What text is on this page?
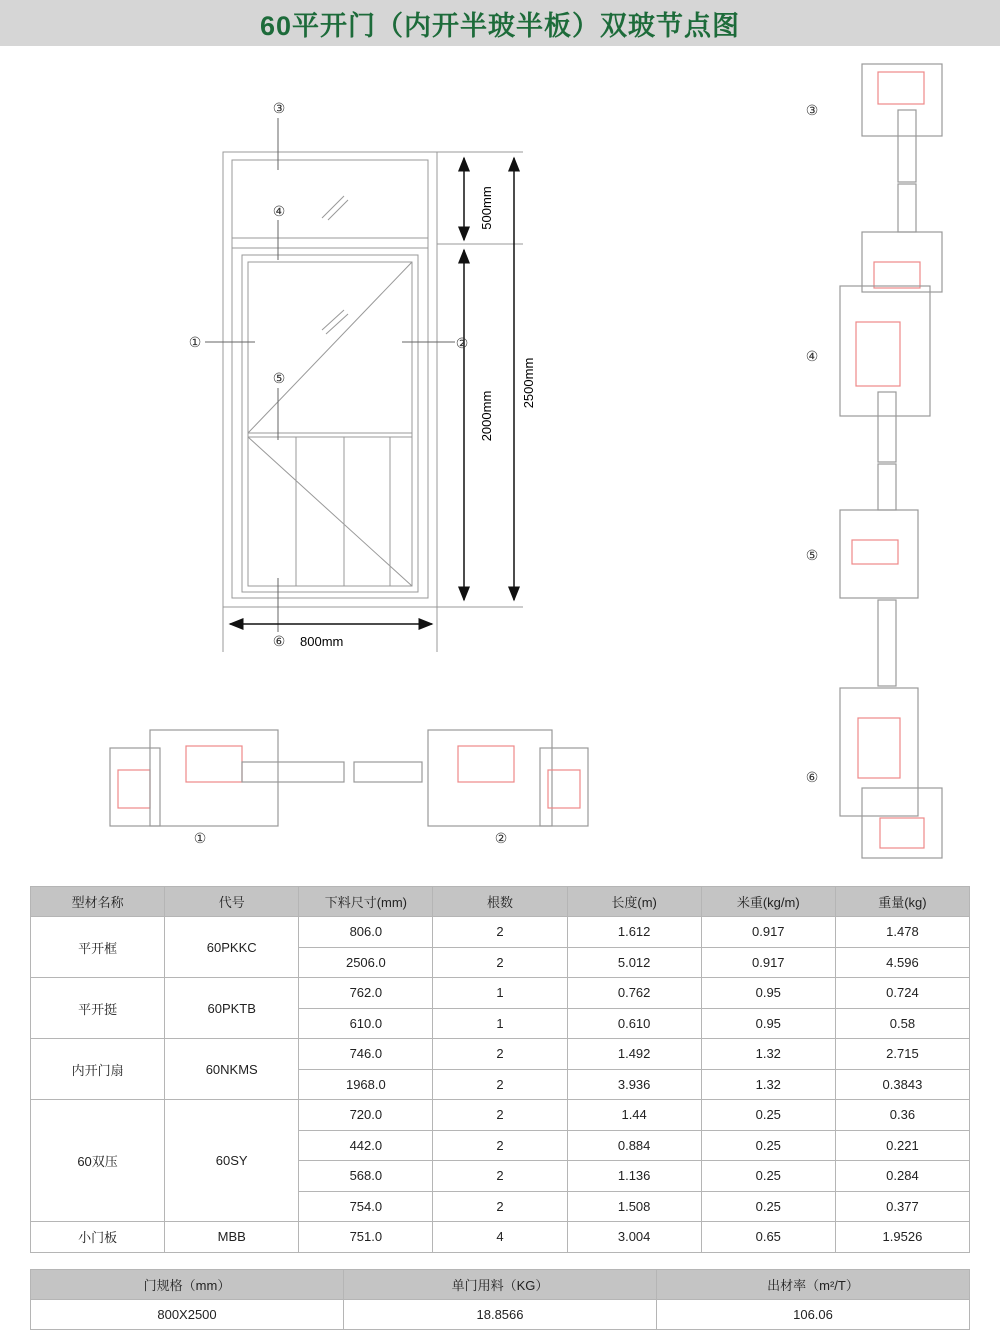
60平开门（内开半玻半板）双玻节点图
500mm
2000mm
2500mm
800mm
①	②
③
④
⑤
⑥
③
④
⑤
⑥
①	②
型材名称	代号	下料尺寸(mm)	根数	长度(m)	米重(kg/m)	重量(kg)
平开框	60PKKC	806.0	2	1.612	0.917	1.478
		2506.0	2	5.012	0.917	4.596
平开挺	60PKTB	762.0	1	0.762	0.95	0.724
		610.0	1	0.610	0.95	0.58
内开门扇	60NKMS	746.0	2	1.492	1.32	2.715
		1968.0	2	3.936	1.32	0.3843
60双压	60SY	720.0	2	1.44	0.25	0.36
		442.0	2	0.884	0.25	0.221
		568.0	2	1.136	0.25	0.284
		754.0	2	1.508	0.25	0.377
小门板	MBB	751.0	4	3.004	0.65	1.9526
门规格（mm）	单门用料（KG）	出材率（m²/T）
800X2500	18.8566	106.06
